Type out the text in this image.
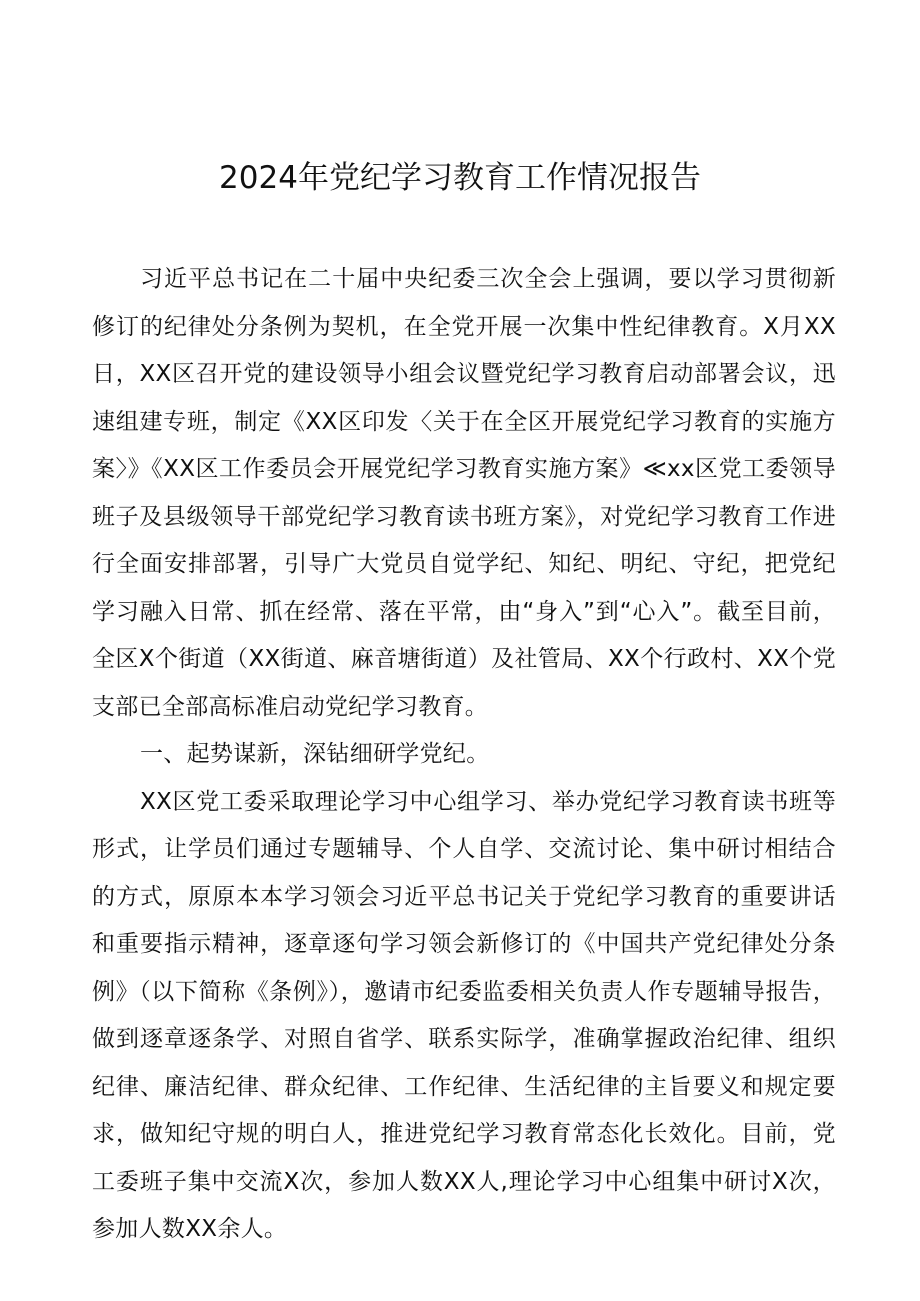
2024年党纪学习教育工作情况报告

习近平总书记在二十届中央纪委三次全会上强调，要以学习贯彻新修订的纪律处分条例为契机，在全党开展一次集中性纪律教育。X月XX日，XX区召开党的建设领导小组会议暨党纪学习教育启动部署会议，迅速组建专班，制定《XX区印发〈关于在全区开展党纪学习教育的实施方案〉》《XX区工作委员会开展党纪学习教育实施方案》≪xx区党工委领导班子及县级领导干部党纪学习教育读书班方案》，对党纪学习教育工作进行全面安排部署，引导广大党员自觉学纪、知纪、明纪、守纪，把党纪学习融入日常、抓在经常、落在平常，由“身入”到“心入”。截至目前，全区X个街道（XX街道、麻音塘街道）及社管局、XX个行政村、XX个党支部已全部高标准启动党纪学习教育。

一、起势谋新，深钻细研学党纪。

XX区党工委采取理论学习中心组学习、举办党纪学习教育读书班等形式，让学员们通过专题辅导、个人自学、交流讨论、集中研讨相结合的方式，原原本本学习领会习近平总书记关于党纪学习教育的重要讲话和重要指示精神，逐章逐句学习领会新修订的《中国共产党纪律处分条例》（以下简称《条例》），邀请市纪委监委相关负责人作专题辅导报告，做到逐章逐条学、对照自省学、联系实际学，准确掌握政治纪律、组织纪律、廉洁纪律、群众纪律、工作纪律、生活纪律的主旨要义和规定要求，做知纪守规的明白人，推进党纪学习教育常态化长效化。目前，党工委班子集中交流X次，参加人数XX人,理论学习中心组集中研讨X次，参加人数XX余人。
